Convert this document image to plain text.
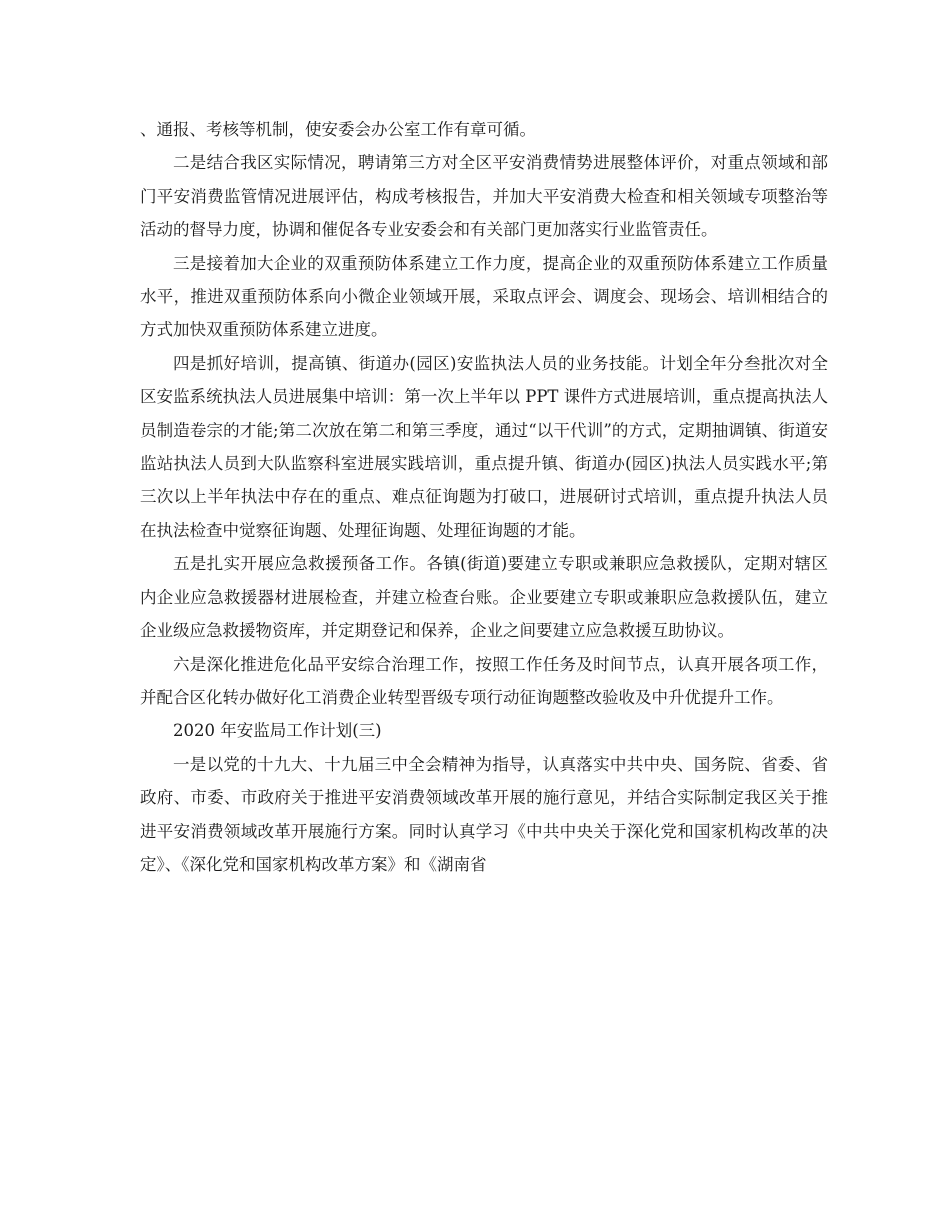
、通报、考核等机制，使安委会办公室工作有章可循。

二是结合我区实际情况，聘请第三方对全区平安消费情势进展整体评价，对重点领域和部门平安消费监管情况进展评估，构成考核报告，并加大平安消费大检查和相关领域专项整治等活动的督导力度，协调和催促各专业安委会和有关部门更加落实行业监管责任。

三是接着加大企业的双重预防体系建立工作力度，提高企业的双重预防体系建立工作质量水平，推进双重预防体系向小微企业领域开展，采取点评会、调度会、现场会、培训相结合的方式加快双重预防体系建立进度。

四是抓好培训，提高镇、街道办(园区)安监执法人员的业务技能。计划全年分叁批次对全区安监系统执法人员进展集中培训：第一次上半年以 PPT 课件方式进展培训，重点提高执法人员制造卷宗的才能;第二次放在第二和第三季度，通过“以干代训”的方式，定期抽调镇、街道安监站执法人员到大队监察科室进展实践培训，重点提升镇、街道办(园区)执法人员实践水平;第三次以上半年执法中存在的重点、难点征询题为打破口，进展研讨式培训，重点提升执法人员在执法检查中觉察征询题、处理征询题、处理征询题的才能。

五是扎实开展应急救援预备工作。各镇(街道)要建立专职或兼职应急救援队，定期对辖区内企业应急救援器材进展检查，并建立检查台账。企业要建立专职或兼职应急救援队伍，建立企业级应急救援物资库，并定期登记和保养，企业之间要建立应急救援互助协议。

六是深化推进危化品平安综合治理工作，按照工作任务及时间节点，认真开展各项工作，并配合区化转办做好化工消费企业转型晋级专项行动征询题整改验收及中升优提升工作。

2020 年安监局工作计划(三)

一是以党的十九大、十九届三中全会精神为指导，认真落实中共中央、国务院、省委、省政府、市委、市政府关于推进平安消费领域改革开展的施行意见，并结合实际制定我区关于推进平安消费领域改革开展施行方案。同时认真学习《中共中央关于深化党和国家机构改革的决定》、《深化党和国家机构改革方案》和《湖南省
